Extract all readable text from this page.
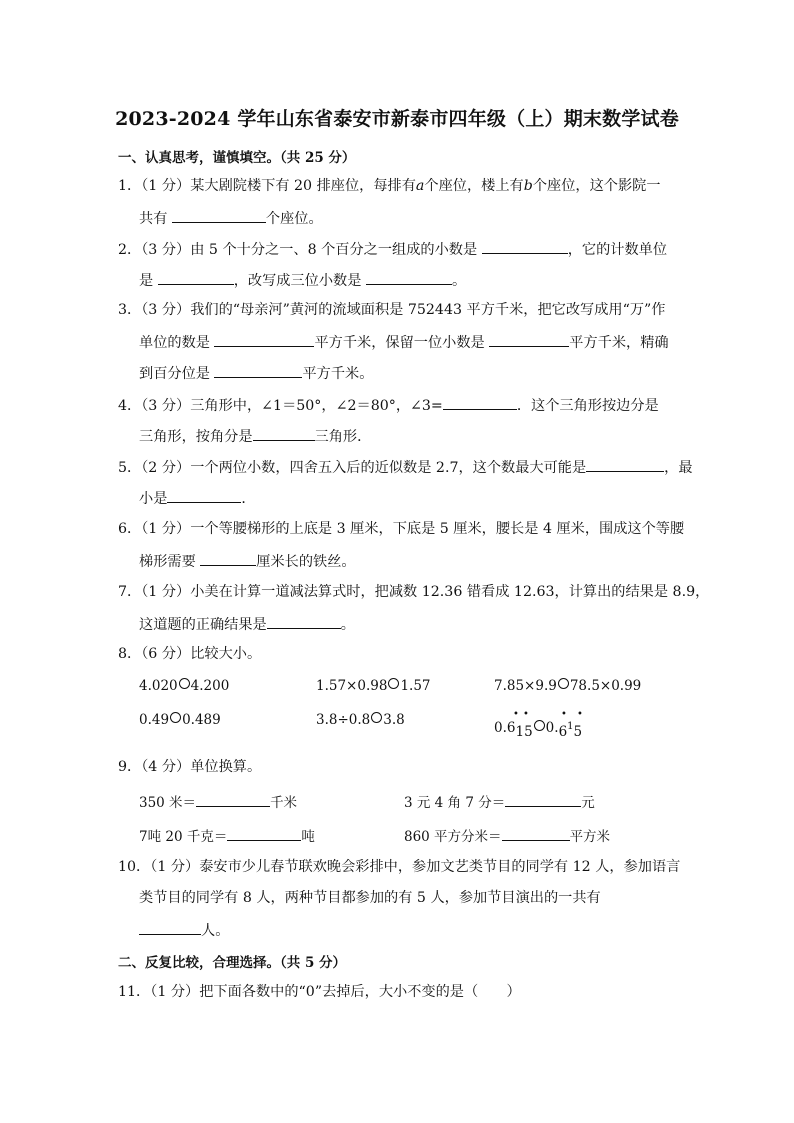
2023-2024 学年山东省泰安市新泰市四年级（上）期末数学试卷
一、认真思考，谨慎填空。（共 25 分）
1．（1 分）某大剧院楼下有 20 排座位，每排有a个座位，楼上有b个座位，这个影院一
共有	个座位。
2．（3 分）由 5 个十分之一、8 个百分之一组成的小数是	，它的计数单位
是	，改写成三位小数是	。
3．（3 分）我们的“母亲河”黄河的流域面积是 752443 平方千米，把它改写成用“万”作
单位的数是	平方千米，保留一位小数是	平方千米，精确
到百分位是	平方千米。
4．（3 分）三角形中，∠1＝50°，∠2＝80°，∠3=	．这个三角形按边分是
三角形，按角分是	三角形．
5．（2 分）一个两位小数，四舍五入后的近似数是 2.7，这个数最大可能是	，最
小是	．
6．（1 分）一个等腰梯形的上底是 3 厘米，下底是 5 厘米，腰长是 4 厘米，围成这个等腰
梯形需要	厘米长的铁丝。
7．（1 分）小美在计算一道减法算式时，把减数 12.36 错看成 12.63，计算出的结果是 8.9，
这道题的正确结果是	。
8．（6 分）比较大小。
4.020 4.200	1.57×0.98 1.57	7.85×9.9 78.5×0.99
0.49 0.489	3.8÷0.8 3.8	0.615 $0.6^15$
• •	• •
9．（4 分）单位换算。
350 米＝	千米	3 元 4 角 7 分＝	元
7吨 20 千克＝	吨	860 平方分米＝	平方米
10．（1 分）泰安市少儿春节联欢晚会彩排中，参加文艺类节目的同学有 12 人，参加语言
类节目的同学有 8 人，两种节目都参加的有 5 人，参加节目演出的一共有
人。
二、反复比较，合理选择。（共 5 分）
11．（1 分）把下面各数中的“0”去掉后，大小不变的是（　　）
